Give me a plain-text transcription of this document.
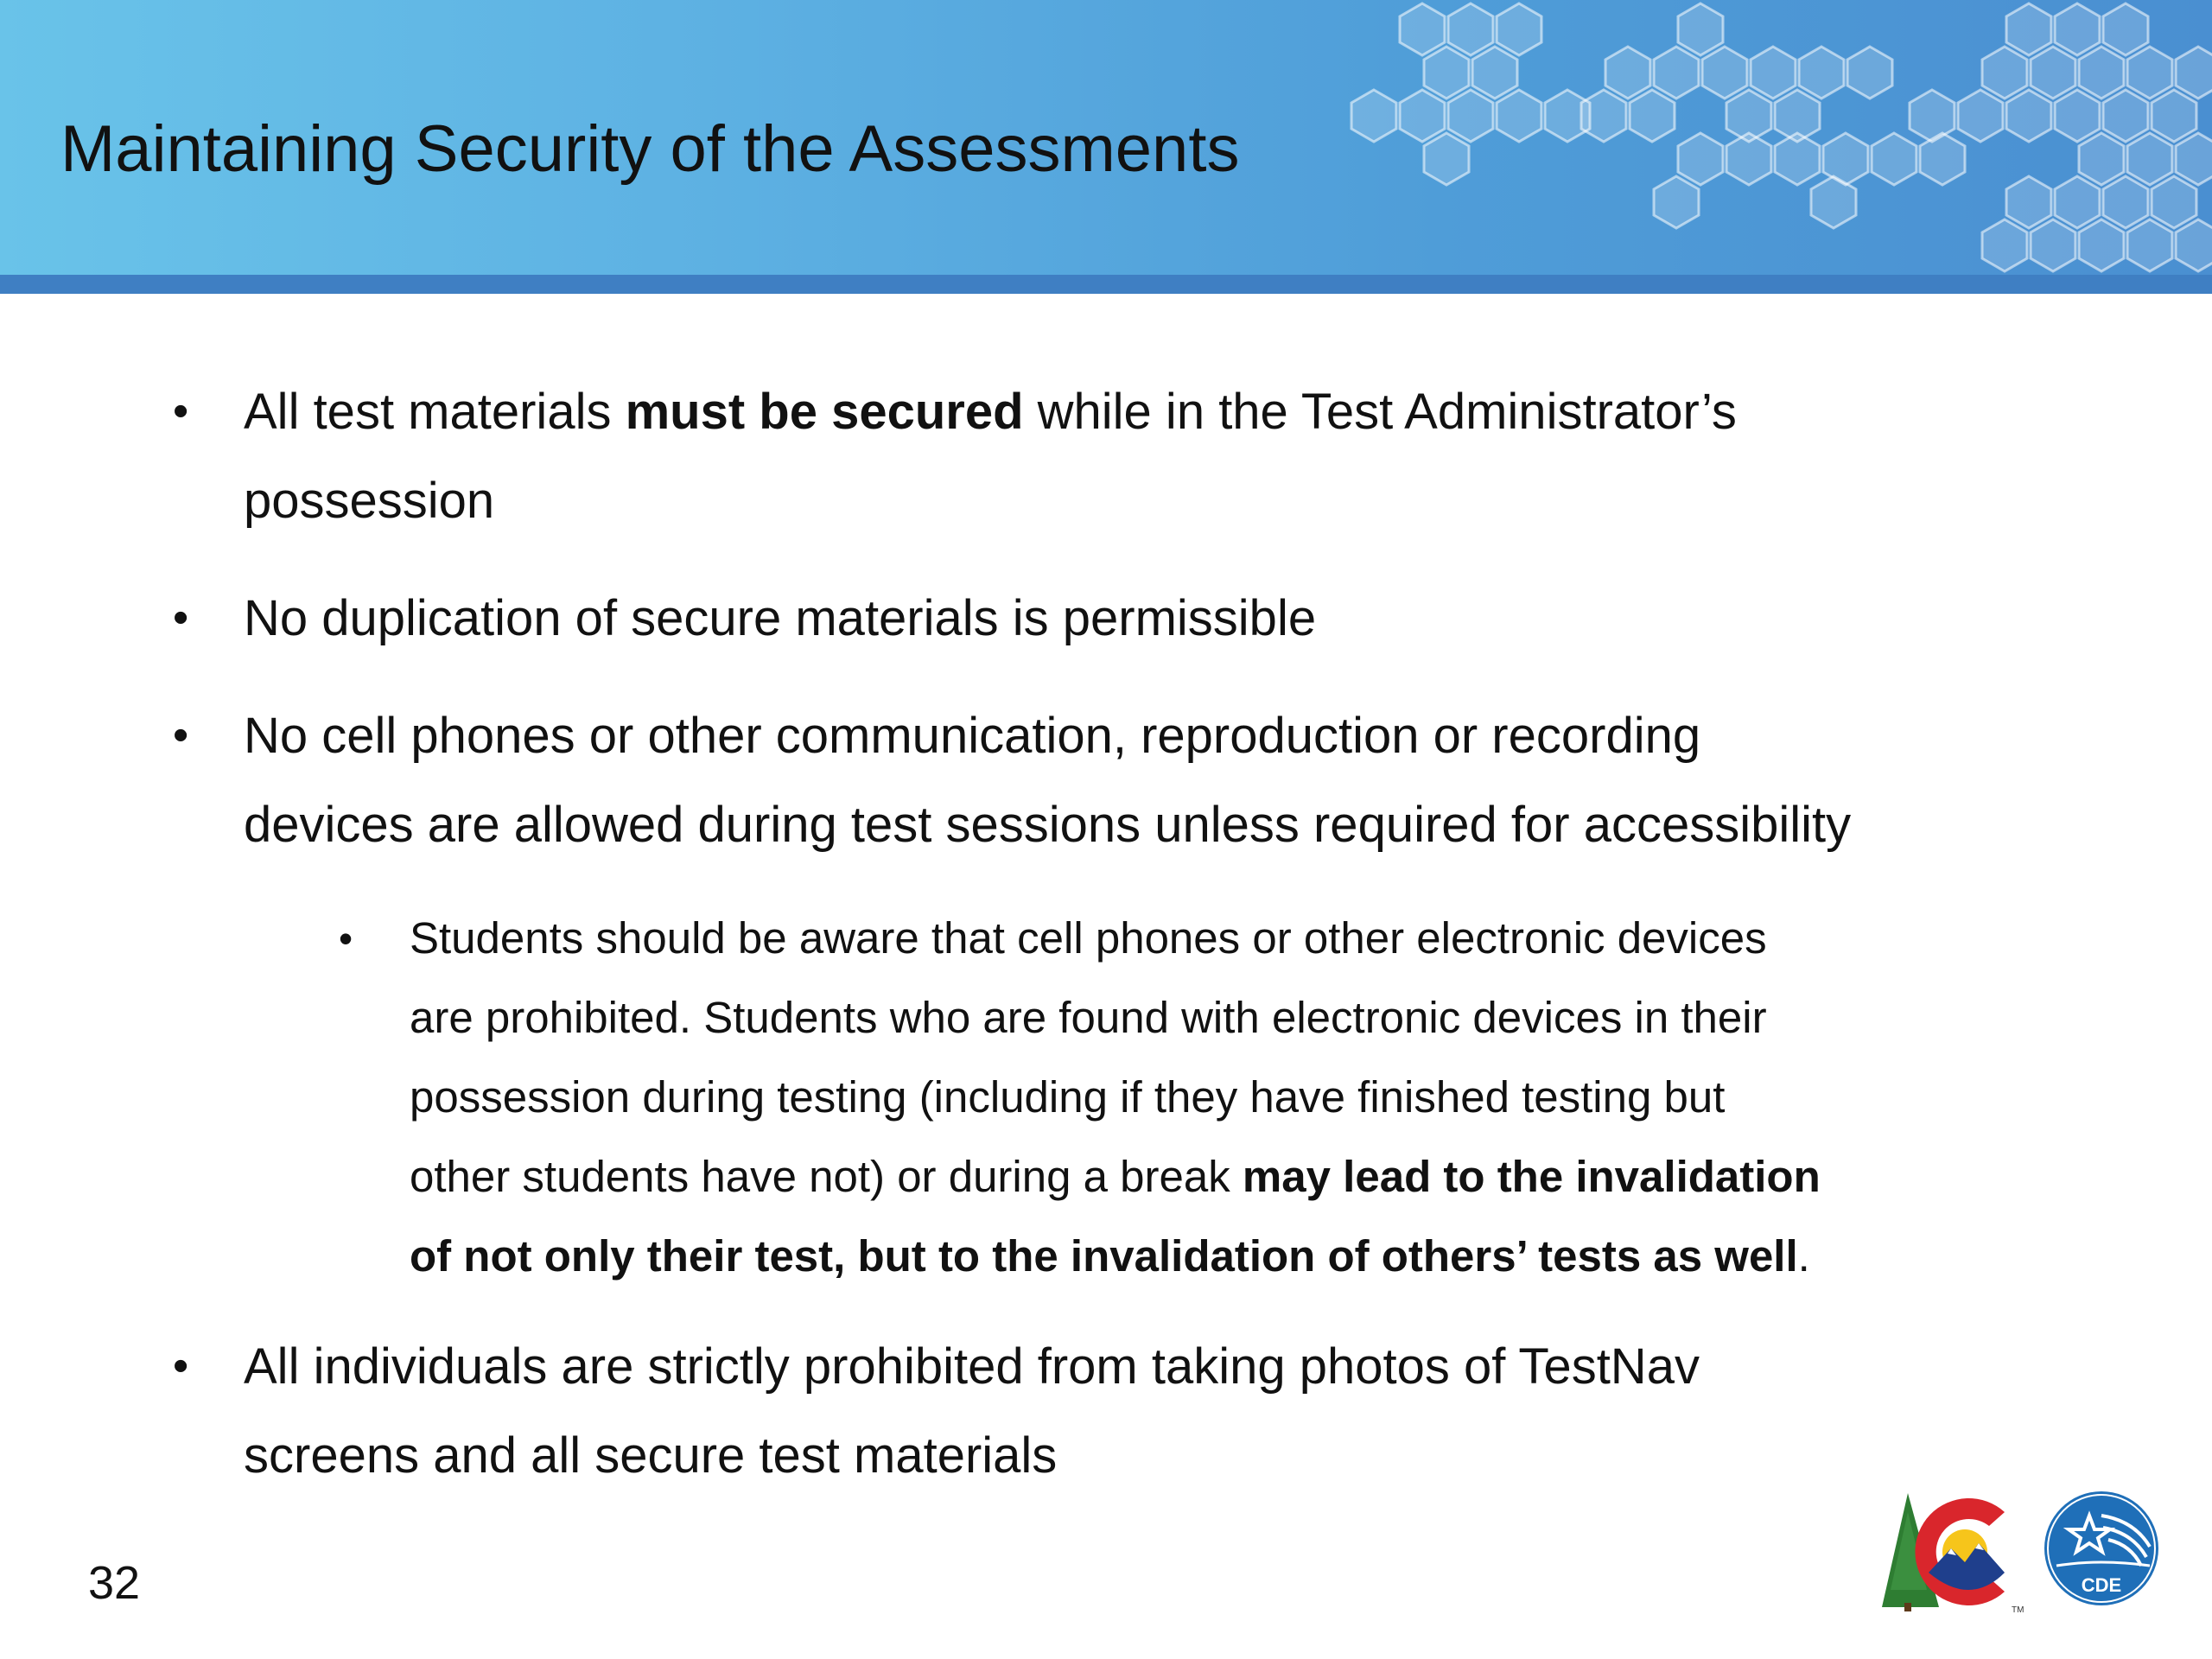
Maintaining Security of the Assessments
• All test materials must be secured while in the Test Administrator’s
possession
• No duplication of secure materials is permissible
• No cell phones or other communication, reproduction or recording
devices are allowed during test sessions unless required for accessibility
• Students should be aware that cell phones or other electronic devices
are prohibited. Students who are found with electronic devices in their
possession during testing (including if they have finished testing but
other students have not) or during a break may lead to the invalidation
of not only their test, but to the invalidation of others’ tests as well.
• All individuals are strictly prohibited from taking photos of TestNav
screens and all secure test materials
32
TM
CDE
